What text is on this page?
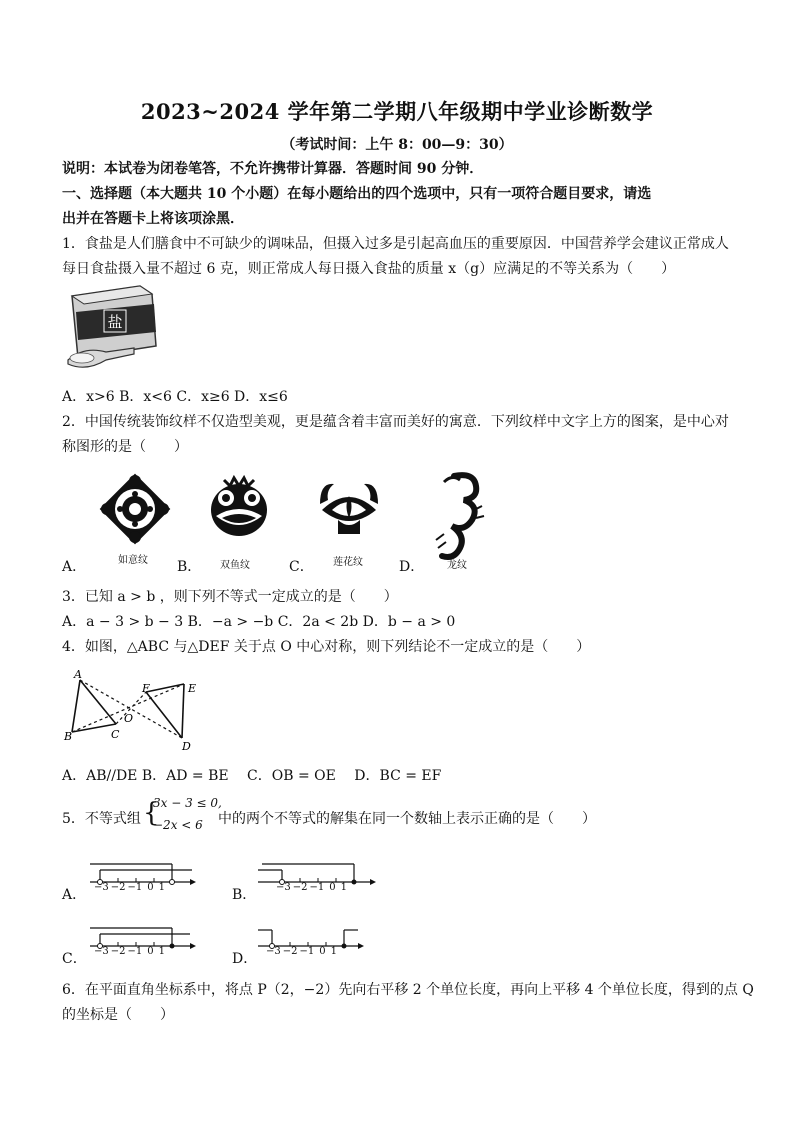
2023~2024 学年第二学期八年级期中学业诊断数学
（考试时间：上午 8：00—9：30）
说明：本试卷为闭卷笔答，不允许携带计算器．答题时间 90 分钟．
一、选择题（本大题共 10 个小题）在每小题给出的四个选项中，只有一项符合题目要求，请选
出并在答题卡上将该项涂黑．
1．食盐是人们膳食中不可缺少的调味品，但摄入过多是引起高血压的重要原因．中国营养学会建议正常成人
每日食盐摄入量不超过 6 克，则正常成人每日摄入食盐的质量 x（g）应满足的不等关系为（　　）
盐
A．x>6 B．x<6 C．x≥6 D．x≤6
2．中国传统装饰纹样不仅造型美观，更是蕴含着丰富而美好的寓意．下列纹样中文字上方的图案，是中心对
称图形的是（　　）
A．	如意纹 B． 双鱼纹	C． 莲花纹	D． 龙纹
3．已知 a > b ，则下列不等式一定成立的是（　　）
A．a − 3 > b − 3 B．−a > −b C．2a < 2b D．b − a > 0
4．如图，△ABC 与△DEF 关于点 O 中心对称，则下列结论不一定成立的是（　　）
A
F	E
O
B	C
D
A．AB//DE B．AD = BE　 C．OB = OE　 D．BC = EF
5．不等式组 {
3x − 3 ≤ 0,
−2x < 6 中的两个不等式的解集在同一个数轴上表示正确的是（　　）
A． −3  −2  −1  0  1	B． −3  −2  −1  0  1
C． −3  −2  −1  0  1	D． −3  −2  −1  0  1
6．在平面直角坐标系中，将点 P（2，−2）先向右平移 2 个单位长度，再向上平移 4 个单位长度，得到的点 Q
的坐标是（　　）
